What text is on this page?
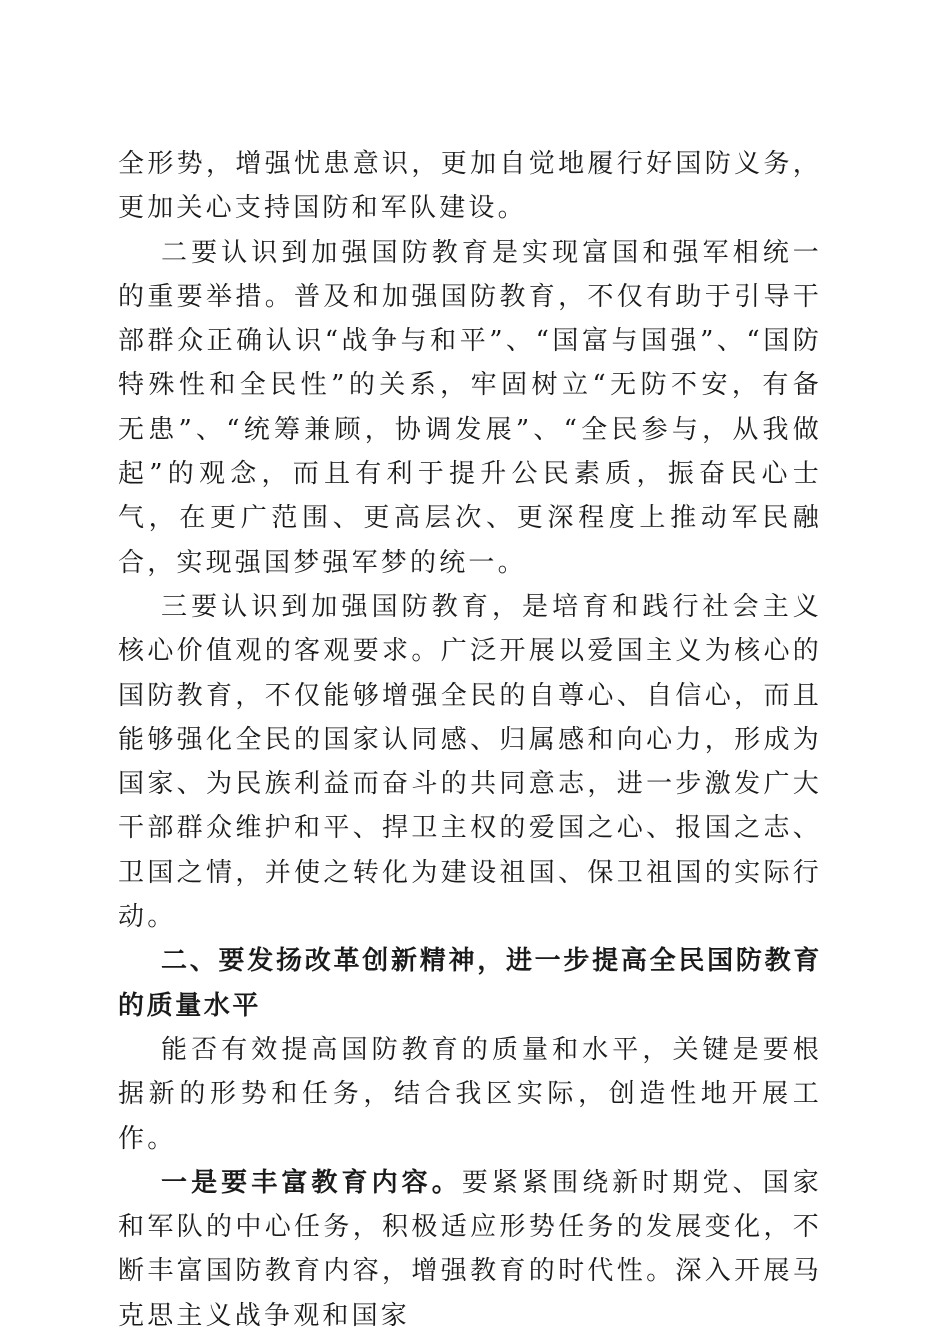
全形势，增强忧患意识，更加自觉地履行好国防义务，更加关心支持国防和军队建设。

二要认识到加强国防教育是实现富国和强军相统一的重要举措。普及和加强国防教育，不仅有助于引导干部群众正确认识“战争与和平”、“国富与国强”、“国防特殊性和全民性”的关系，牢固树立“无防不安，有备无患”、“统筹兼顾，协调发展”、“全民参与，从我做起”的观念，而且有利于提升公民素质，振奋民心士气，在更广范围、更高层次、更深程度上推动军民融合，实现强国梦强军梦的统一。

三要认识到加强国防教育，是培育和践行社会主义核心价值观的客观要求。广泛开展以爱国主义为核心的国防教育，不仅能够增强全民的自尊心、自信心，而且能够强化全民的国家认同感、归属感和向心力，形成为国家、为民族利益而奋斗的共同意志，进一步激发广大干部群众维护和平、捍卫主权的爱国之心、报国之志、卫国之情，并使之转化为建设祖国、保卫祖国的实际行动。

二、要发扬改革创新精神，进一步提高全民国防教育的质量水平

能否有效提高国防教育的质量和水平，关键是要根据新的形势和任务，结合我区实际，创造性地开展工作。

一是要丰富教育内容。要紧紧围绕新时期党、国家和军队的中心任务，积极适应形势任务的发展变化，不断丰富国防教育内容，增强教育的时代性。深入开展马克思主义战争观和国家
